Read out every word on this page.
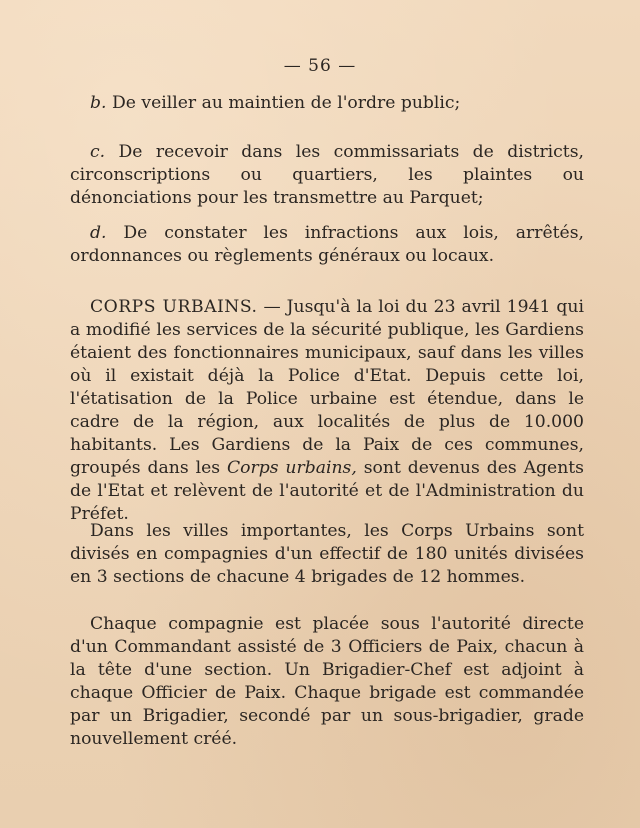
— 56 —

b. De veiller au maintien de l'ordre public;

c. De recevoir dans les commissariats de districts, circonscriptions ou quartiers, les plaintes ou dénonciations pour les transmettre au Parquet;

d. De constater les infractions aux lois, arrêtés, ordonnances ou règlements généraux ou locaux.

CORPS URBAINS. — Jusqu'à la loi du 23 avril 1941 qui a modifié les services de la sécurité publique, les Gardiens étaient des fonctionnaires municipaux, sauf dans les villes où il existait déjà la Police d'Etat. Depuis cette loi, l'étatisation de la Police urbaine est étendue, dans le cadre de la région, aux localités de plus de 10.000 habitants. Les Gardiens de la Paix de ces communes, groupés dans les Corps urbains, sont devenus des Agents de l'Etat et relèvent de l'autorité et de l'Administration du Préfet.

Dans les villes importantes, les Corps Urbains sont divisés en compagnies d'un effectif de 180 unités divisées en 3 sections de chacune 4 brigades de 12 hommes.

Chaque compagnie est placée sous l'autorité directe d'un Commandant assisté de 3 Officiers de Paix, chacun à la tête d'une section. Un Brigadier-Chef est adjoint à chaque Officier de Paix. Chaque brigade est commandée par un Brigadier, secondé par un sous-brigadier, grade nouvellement créé.
